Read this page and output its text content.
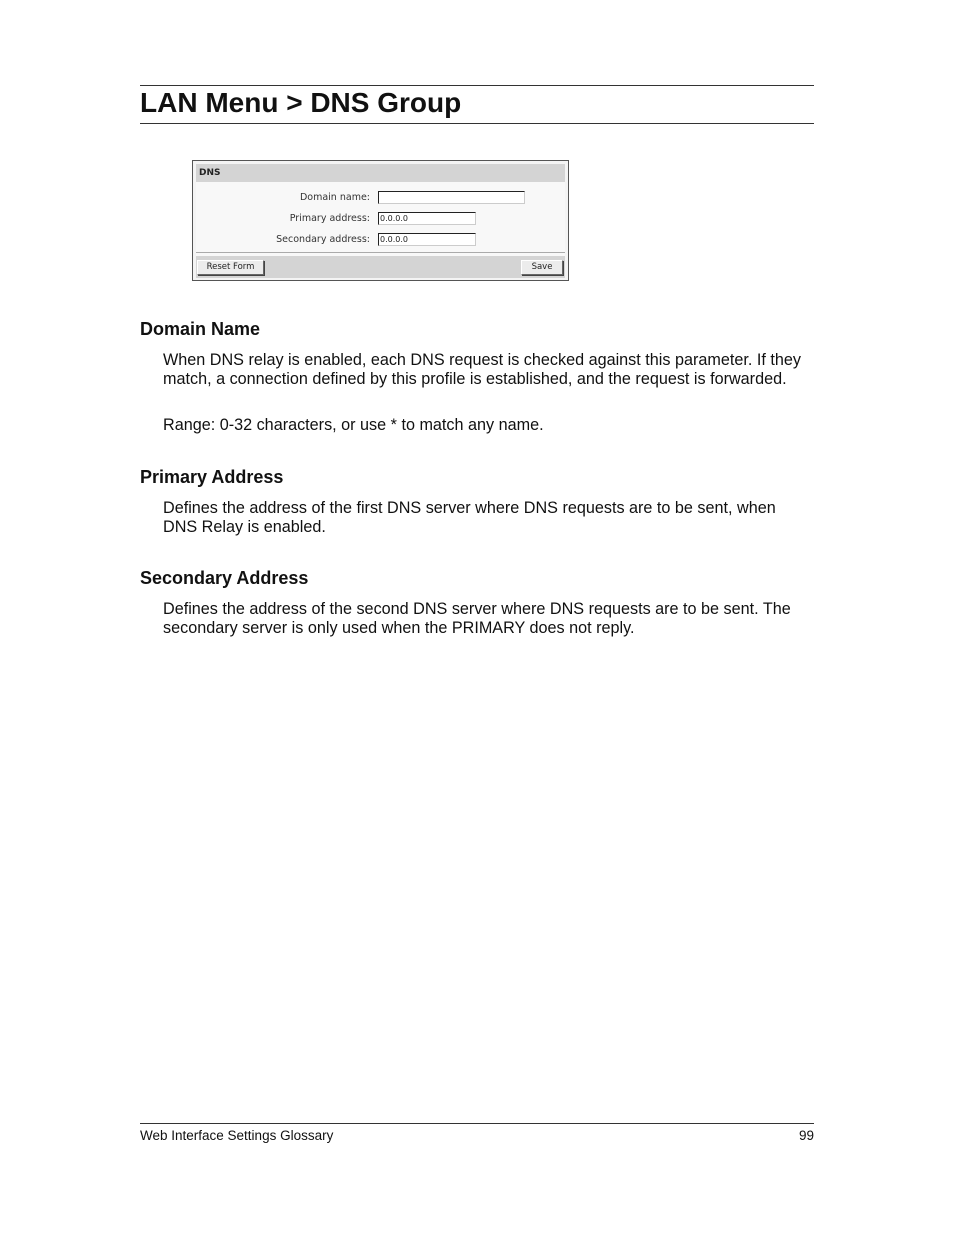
LAN Menu > DNS Group
DNS
Domain name:
Primary address: 0.0.0.0
Secondary address: 0.0.0.0
Reset Form	Save
Domain Name

When DNS relay is enabled, each DNS request is checked against this parameter. If they match, a connection defined by this profile is established, and the request is forwarded.

Range: 0-32 characters, or use * to match any name.

Primary Address

Defines the address of the first DNS server where DNS requests are to be sent, when DNS Relay is enabled.

Secondary Address

Defines the address of the second DNS server where DNS requests are to be sent. The secondary server is only used when the PRIMARY does not reply.

Web Interface Settings Glossary	99
